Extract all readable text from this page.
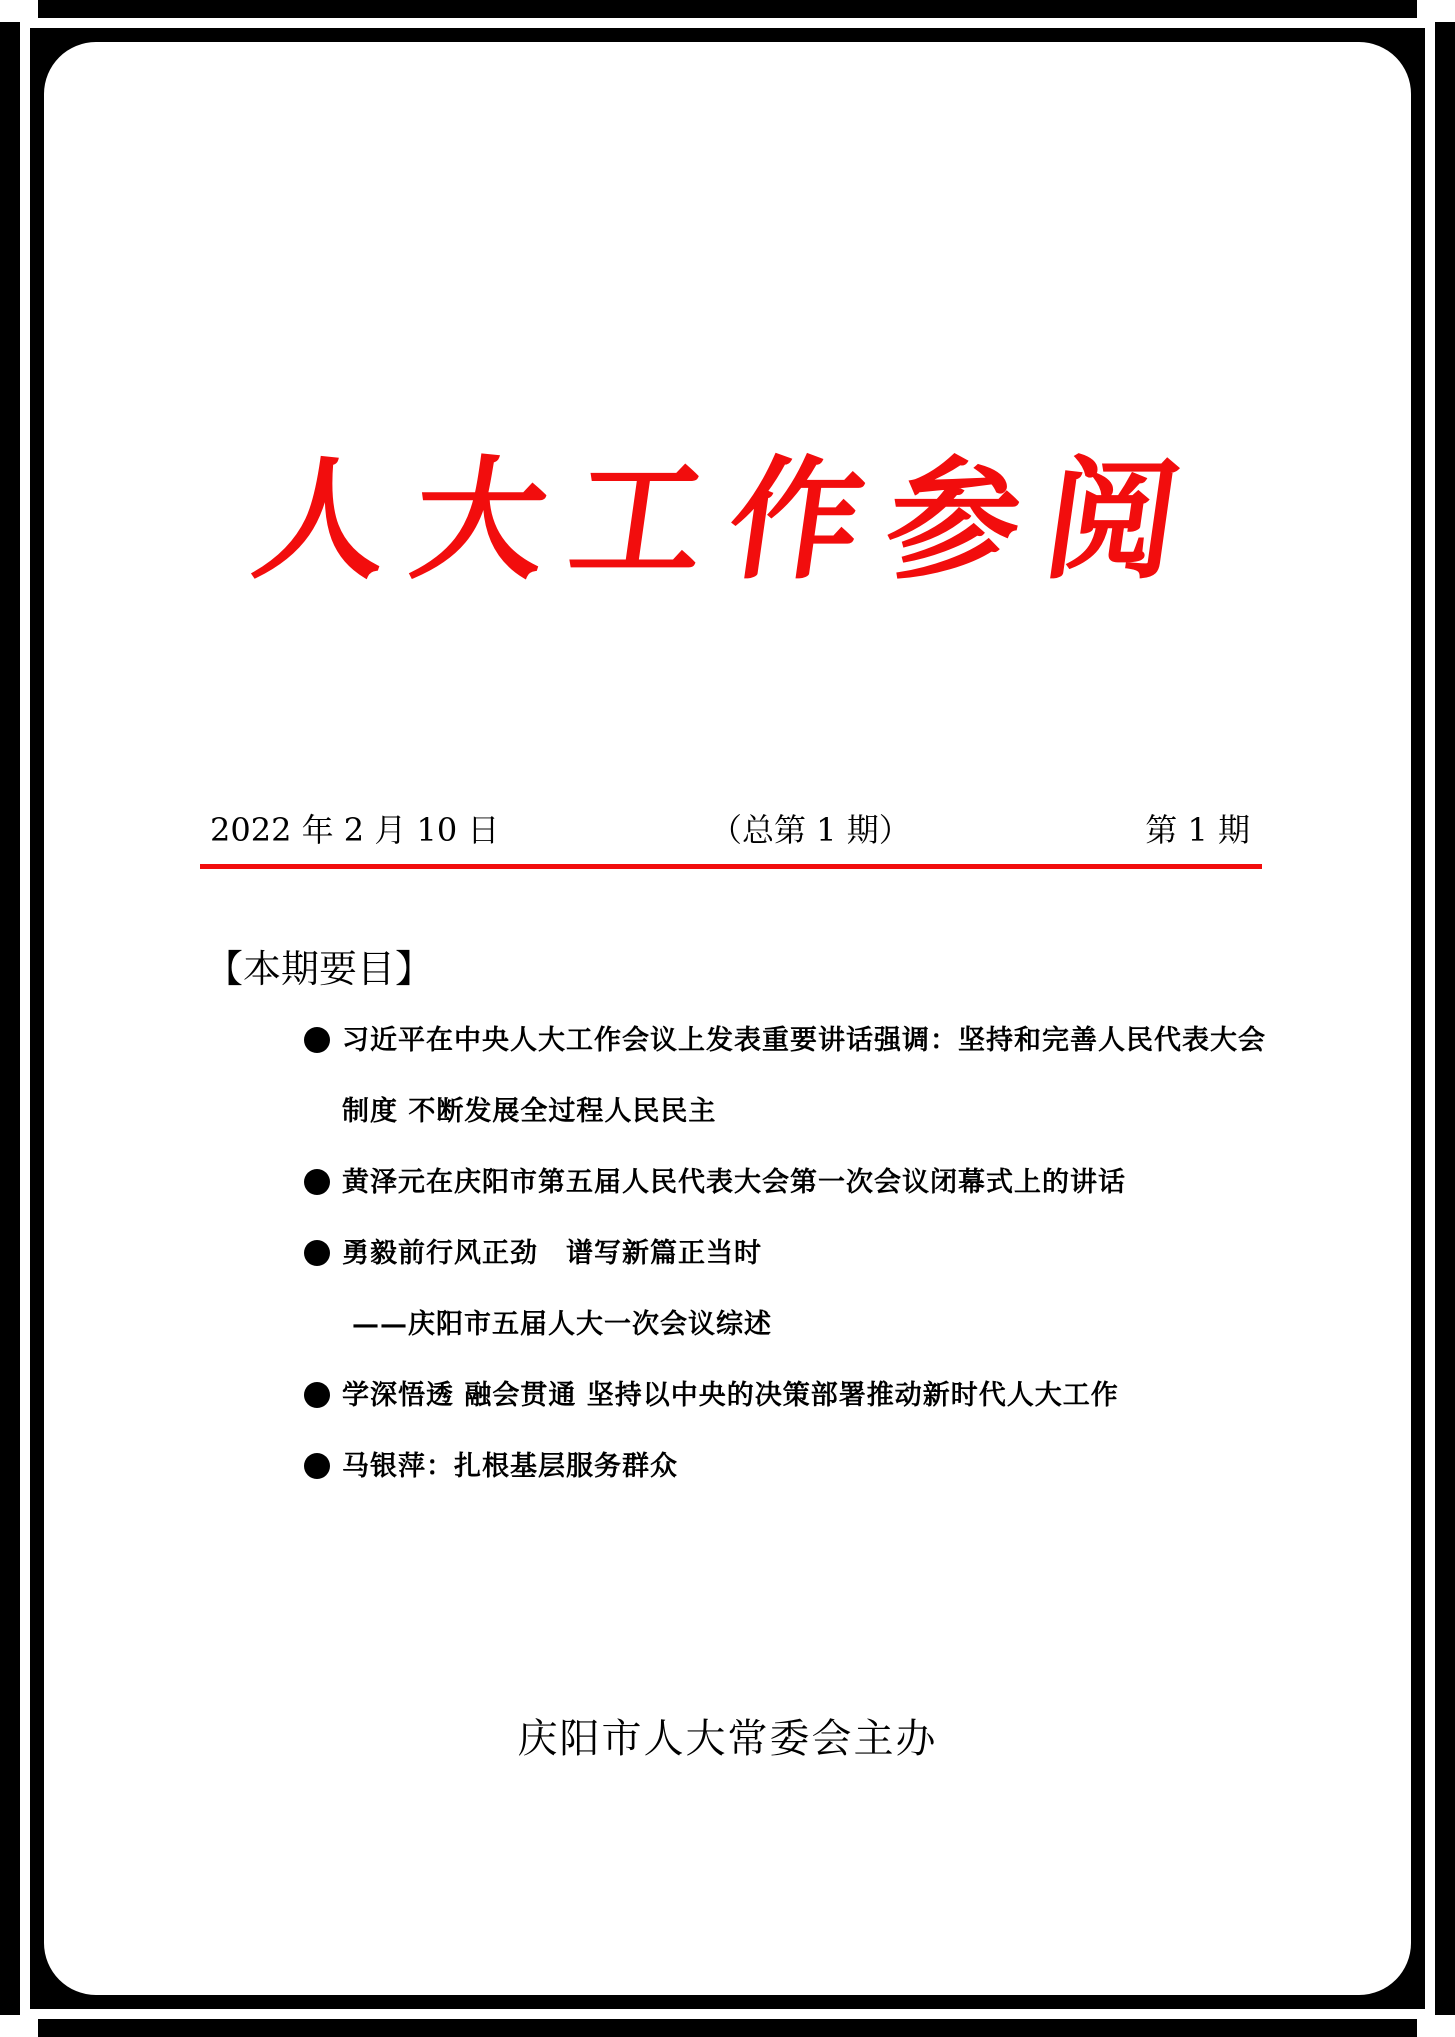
人大工作参阅
2022 年 2 月 10 日	（总第 1 期）	第 1 期
【本期要目】
习近平在中央人大工作会议上发表重要讲话强调：坚持和完善人民代表大会制度 不断发展全过程人民民主
黄泽元在庆阳市第五届人民代表大会第一次会议闭幕式上的讲话
勇毅前行风正劲　谱写新篇正当时
——庆阳市五届人大一次会议综述
学深悟透 融会贯通 坚持以中央的决策部署推动新时代人大工作
马银萍：扎根基层服务群众
庆阳市人大常委会主办
